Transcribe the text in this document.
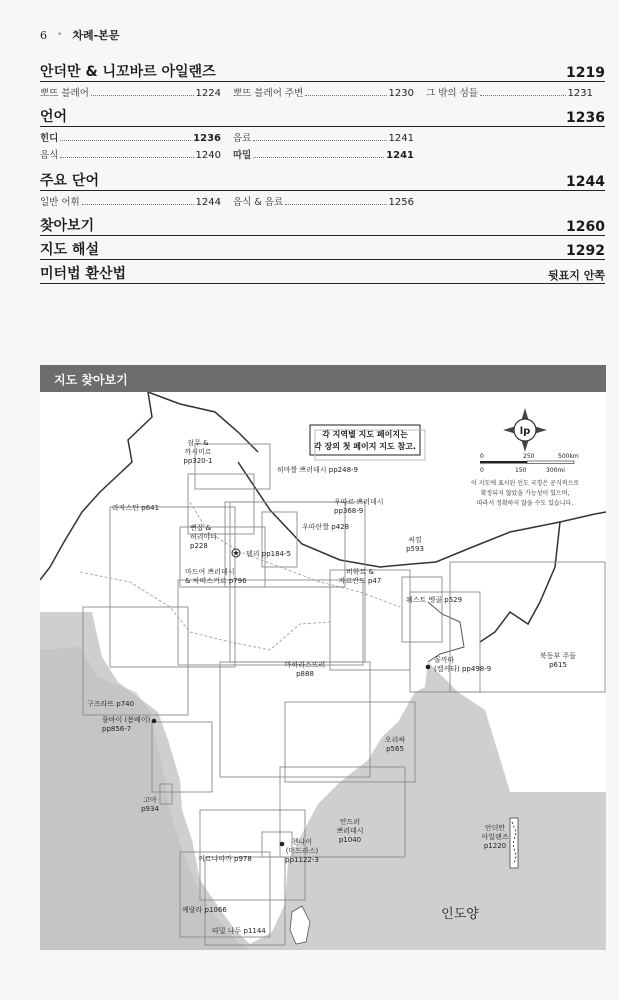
6 • 차례-본문
안더만 & 니꼬바르 아일랜즈	1219
뽀뜨 블레어	1224 뽀뜨 블레어 주변	1230 그 밖의 섬들	1231
언어	1236
힌디	1236 음료	1241
음식	1240 따밀	1241
주요 단어	1244
일반 어휘	1244 음식 & 음료	1256
찾아보기	1260
지도 해설	1292
미터법 환산법	뒷표지 안쪽
지도 찾아보기
각 지역별 지도 페이지는
각 장의 첫 페이지 지도 참고.
lp
0	250	500km
0	150	300mi
이 지도에 표시된 인도 국경은 공식적으로
확정되지 않았을 가능성이 있으며,
따라서 정확하지 않을 수도 있습니다.
잠무 &
까시미르
pp320-1
히마짤 쁘러데시 pp248-9
라자스탄 p641
우따르 쁘러데시
pp368-9
우따란짤 p428
뻔잡 &
허리야나
p228
델리 pp184-5
씨낌
p593
마드여 쁘러데시
& 차띠스거르 p796
비하르 &
자르칸드 p47
웨스트 벵골 p529
꼴까따
(캘커타) pp498-9
북동부 주들
p615
마하라스뜨러
p888
구즈라뜨 p740
뭄바이 (봄베이)
pp856-7
오리싸
p565
고아
p934
안드러
쁘러데시
p1040
안더만
아일랜즈
p1220
첸나이
(머드라스)
pp1122-3
꺼르나따까 p978
께랄라 p1066
따밀 나두 p1144
인도양
